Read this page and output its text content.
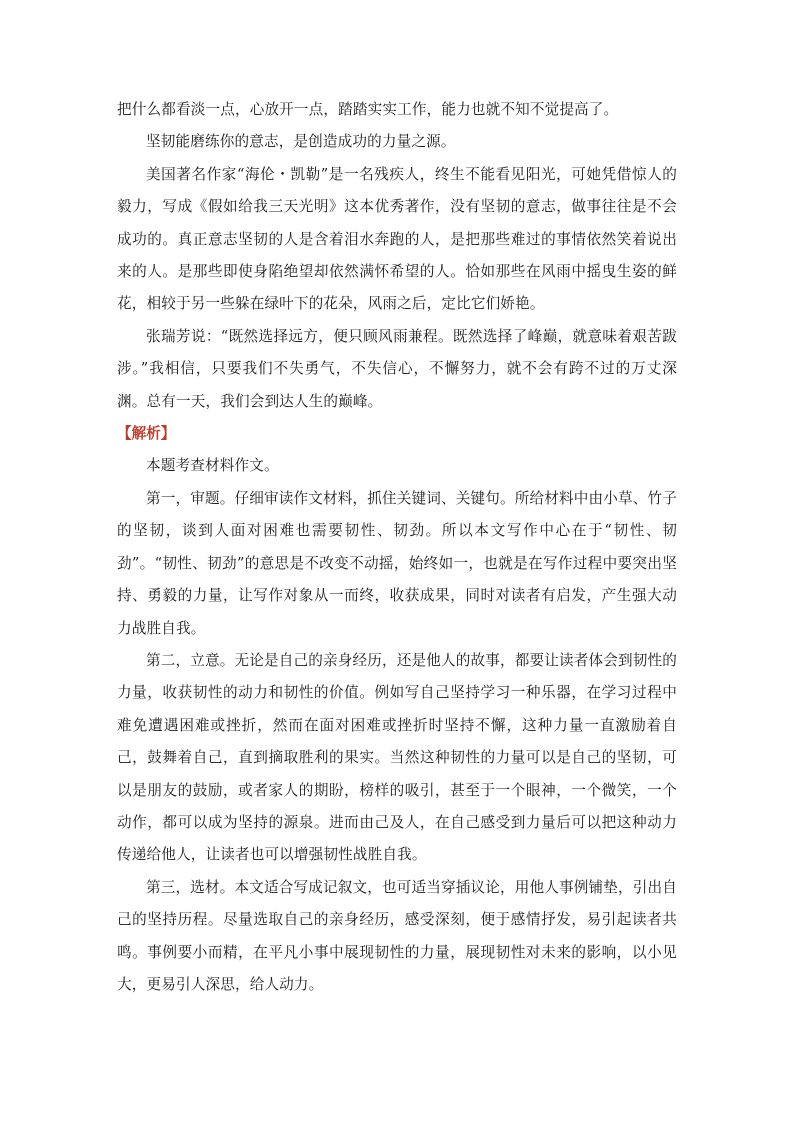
把什么都看淡一点，心放开一点，踏踏实实工作，能力也就不知不觉提高了。

坚韧能磨练你的意志，是创造成功的力量之源。

美国著名作家“海伦・凯勒”是一名残疾人，终生不能看见阳光，可她凭借惊人的毅力，写成《假如给我三天光明》这本优秀著作，没有坚韧的意志，做事往往是不会成功的。真正意志坚韧的人是含着泪水奔跑的人，是把那些难过的事情依然笑着说出来的人。是那些即使身陷绝望却依然满怀希望的人。恰如那些在风雨中摇曳生姿的鲜花，相较于另一些躲在绿叶下的花朵，风雨之后，定比它们娇艳。

张瑞芳说：“既然选择远方，便只顾风雨兼程。既然选择了峰巅，就意味着艰苦跋涉。”我相信，只要我们不失勇气，不失信心，不懈努力，就不会有跨不过的万丈深渊。总有一天，我们会到达人生的巅峰。

【解析】

本题考查材料作文。

第一，审题。仔细审读作文材料，抓住关键词、关键句。所给材料中由小草、竹子的坚韧，谈到人面对困难也需要韧性、韧劲。所以本文写作中心在于“韧性、韧劲”。“韧性、韧劲”的意思是不改变不动摇，始终如一，也就是在写作过程中要突出坚持、勇毅的力量，让写作对象从一而终，收获成果，同时对读者有启发，产生强大动力战胜自我。

第二，立意。无论是自己的亲身经历，还是他人的故事，都要让读者体会到韧性的力量，收获韧性的动力和韧性的价值。例如写自己坚持学习一种乐器，在学习过程中难免遭遇困难或挫折，然而在面对困难或挫折时坚持不懈，这种力量一直激励着自己，鼓舞着自己，直到摘取胜利的果实。当然这种韧性的力量可以是自己的坚韧，可以是朋友的鼓励，或者家人的期盼，榜样的吸引，甚至于一个眼神，一个微笑，一个动作，都可以成为坚持的源泉。进而由己及人，在自己感受到力量后可以把这种动力传递给他人，让读者也可以增强韧性战胜自我。

第三，选材。本文适合写成记叙文，也可适当穿插议论，用他人事例铺垫，引出自己的坚持历程。尽量选取自己的亲身经历，感受深刻，便于感情抒发，易引起读者共鸣。事例要小而精，在平凡小事中展现韧性的力量，展现韧性对未来的影响，以小见大，更易引人深思，给人动力。
